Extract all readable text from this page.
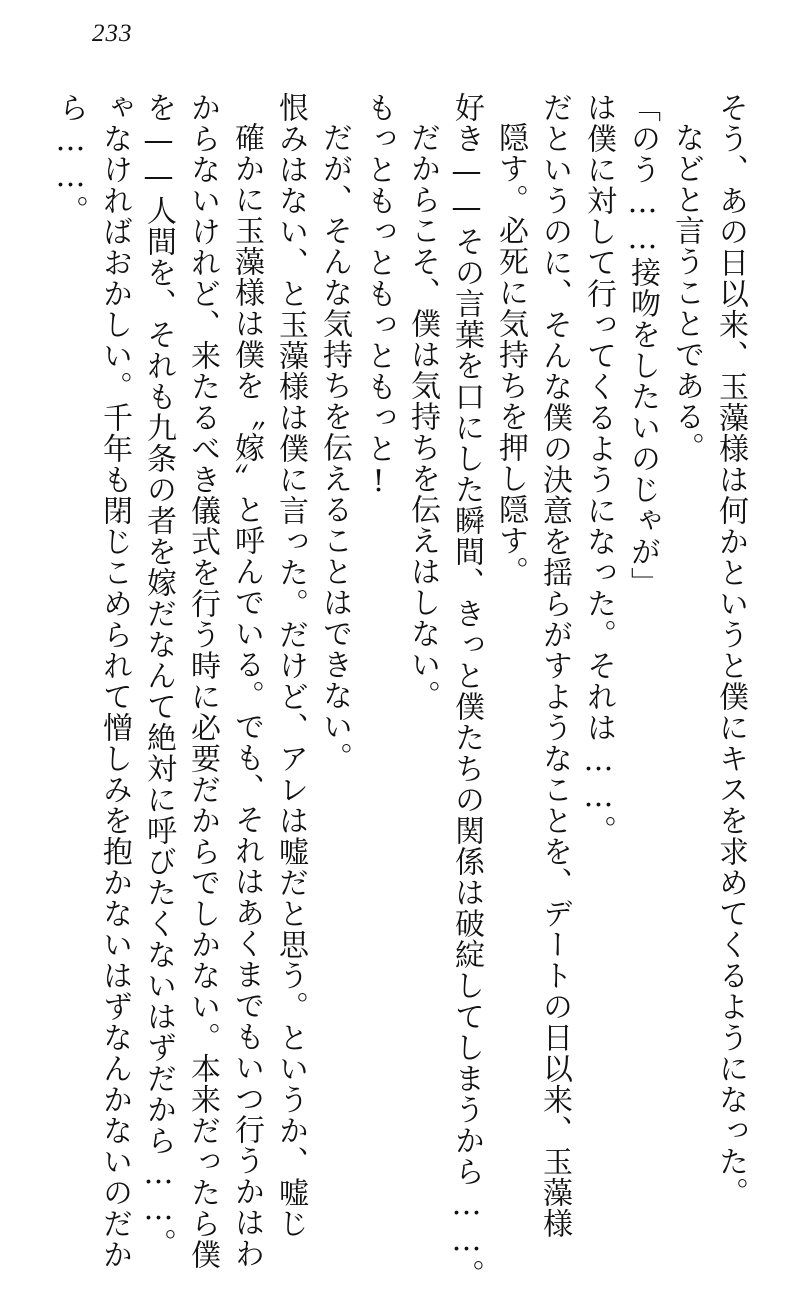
233
そう、あの日以来、玉藻様は何かというと僕にキスを求めてくるようになった。
などと言うことである。
「のう……接吻をしたいのじゃが」
は僕に対して行ってくるようになった。それは……。
だというのに、そんな僕の決意を揺らがすようなことを、デートの日以来、玉藻様
隠す。必死に気持ちを押し隠す。
好き——その言葉を口にした瞬間、きっと僕たちの関係は破綻してしまうから……。
だからこそ、僕は気持ちを伝えはしない。
もっともっともっともっと!
だが、そんな気持ちを伝えることはできない。
恨みはない、と玉藻様は僕に言った。だけど、アレは嘘だと思う。というか、嘘じ
確かに玉藻様は僕を〝嫁〟と呼んでいる。でも、それはあくまでもいつ行うかはわ
からないけれど、来たるべき儀式を行う時に必要だからでしかない。本来だったら僕
を——人間を、それも九条の者を嫁だなんて絶対に呼びたくないはずだから……。
ゃなければおかしい。千年も閉じこめられて憎しみを抱かないはずなんかないのだか
ら……。
